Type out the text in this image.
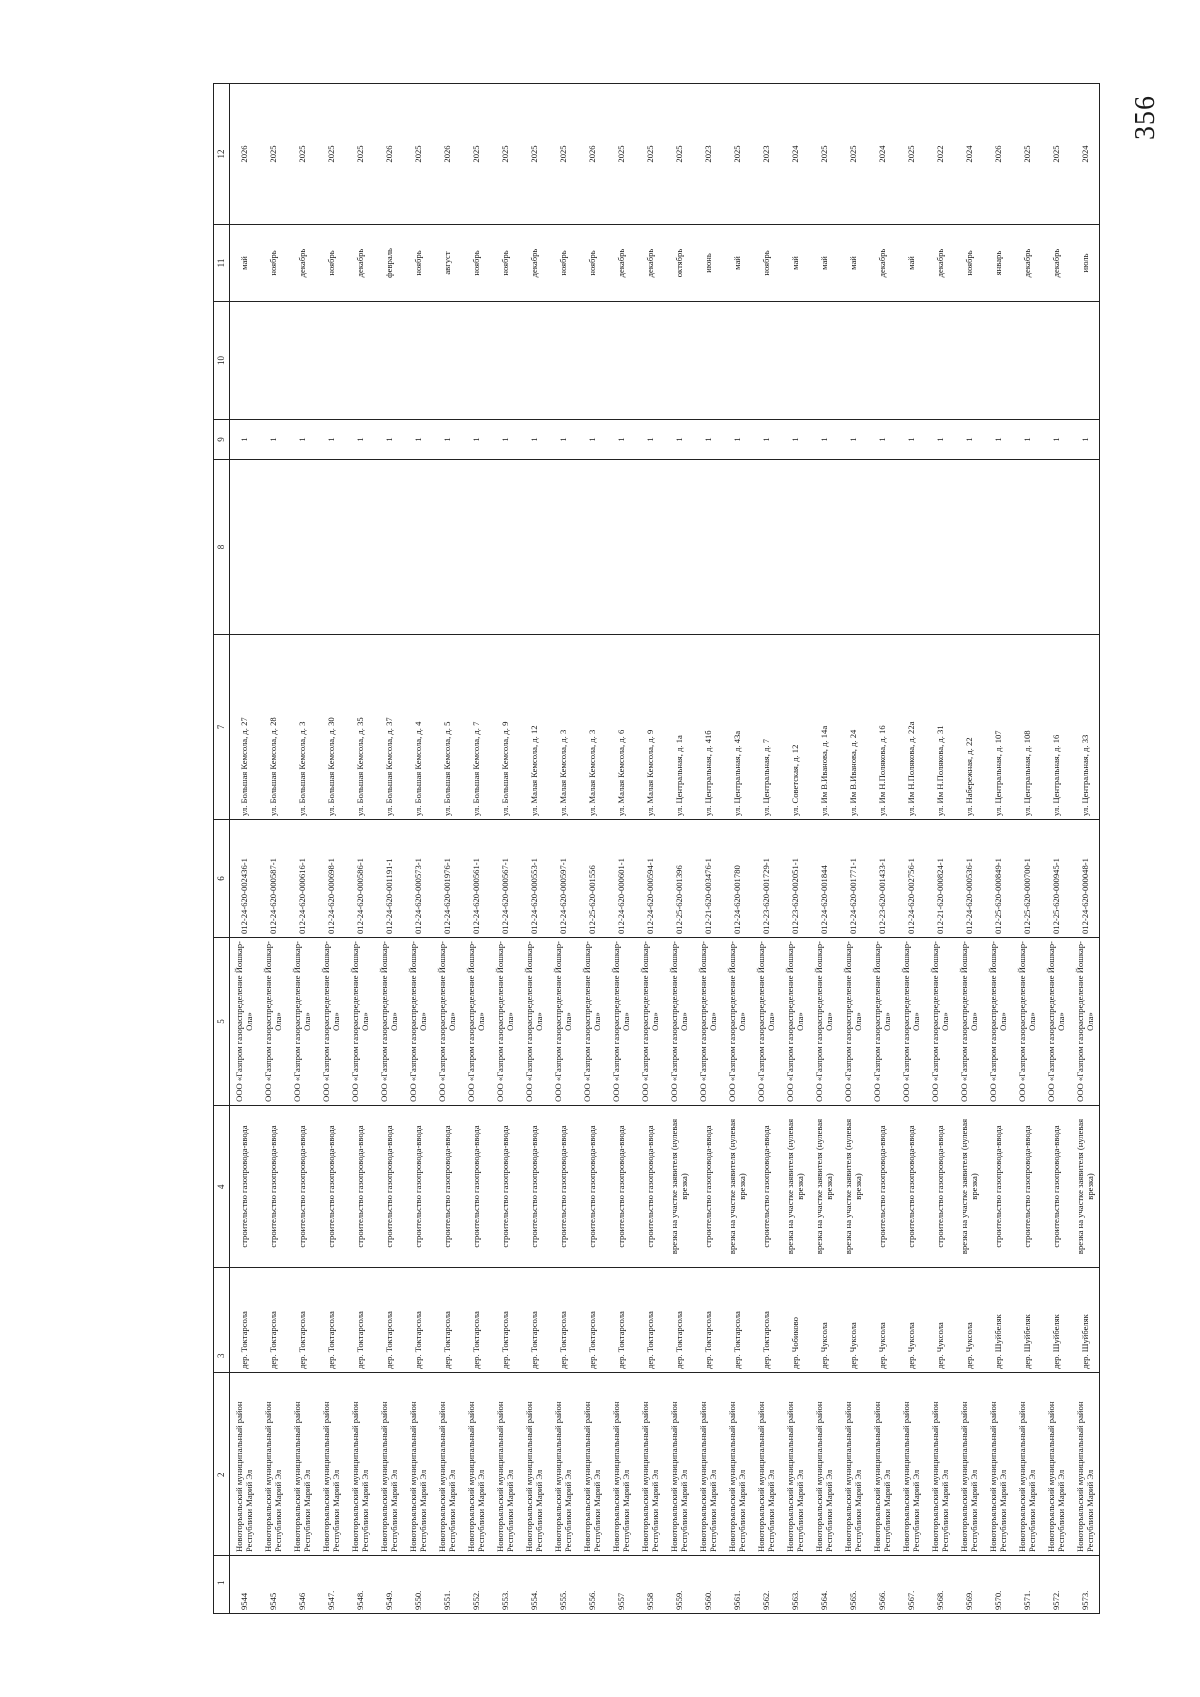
356
1	2	3	4	5	6	7	8	9	10	11	12
9544	Новоторъяльский муниципальный район Республики Марий Эл	дер. Токтарсола	строительство газопровода-ввода	ООО «Газпром газораспределение Йошкар-Ола»	012-24-620-002436-1	ул. Большая Кемсола, д. 27		1		май	2026
9545	Новоторъяльский муниципальный район Республики Марий Эл	дер. Токтарсола	строительство газопровода-ввода	ООО «Газпром газораспределение Йошкар-Ола»	012-24-620-000587-1	ул. Большая Кемсола, д. 28		1		ноябрь	2025
9546	Новоторъяльский муниципальный район Республики Марий Эл	дер. Токтарсола	строительство газопровода-ввода	ООО «Газпром газораспределение Йошкар-Ола»	012-24-620-000616-1	ул. Большая Кемсола, д. 3		1		декабрь	2025
9547.	Новоторъяльский муниципальный район Республики Марий Эл	дер. Токтарсола	строительство газопровода-ввода	ООО «Газпром газораспределение Йошкар-Ола»	012-24-620-000698-1	ул. Большая Кемсола, д. 30		1		ноябрь	2025
9548.	Новоторъяльский муниципальный район Республики Марий Эл	дер. Токтарсола	строительство газопровода-ввода	ООО «Газпром газораспределение Йошкар-Ола»	012-24-620-000586-1	ул. Большая Кемсола, д. 35		1		декабрь	2025
9549.	Новоторъяльский муниципальный район Республики Марий Эл	дер. Токтарсола	строительство газопровода-ввода	ООО «Газпром газораспределение Йошкар-Ола»	012-24-620-001191-1	ул. Большая Кемсола, д. 37		1		февраль	2026
9550.	Новоторъяльский муниципальный район Республики Марий Эл	дер. Токтарсола	строительство газопровода-ввода	ООО «Газпром газораспределение Йошкар-Ола»	012-24-620-000573-1	ул. Большая Кемсола, д. 4		1		ноябрь	2025
9551.	Новоторъяльский муниципальный район Республики Марий Эл	дер. Токтарсола	строительство газопровода-ввода	ООО «Газпром газораспределение Йошкар-Ола»	012-24-620-001976-1	ул. Большая Кемсола, д. 5		1		август	2026
9552.	Новоторъяльский муниципальный район Республики Марий Эл	дер. Токтарсола	строительство газопровода-ввода	ООО «Газпром газораспределение Йошкар-Ола»	012-24-620-000561-1	ул. Большая Кемсола, д. 7		1		ноябрь	2025
9553.	Новоторъяльский муниципальный район Республики Марий Эл	дер. Токтарсола	строительство газопровода-ввода	ООО «Газпром газораспределение Йошкар-Ола»	012-24-620-000567-1	ул. Большая Кемсола, д. 9		1		ноябрь	2025
9554.	Новоторъяльский муниципальный район Республики Марий Эл	дер. Токтарсола	строительство газопровода-ввода	ООО «Газпром газораспределение Йошкар-Ола»	012-24-620-000553-1	ул. Малая Кемсола, д. 12		1		декабрь	2025
9555.	Новоторъяльский муниципальный район Республики Марий Эл	дер. Токтарсола	строительство газопровода-ввода	ООО «Газпром газораспределение Йошкар-Ола»	012-24-620-000597-1	ул. Малая Кемсола, д. 3		1		ноябрь	2025
9556.	Новоторъяльский муниципальный район Республики Марий Эл	дер. Токтарсола	строительство газопровода-ввода	ООО «Газпром газораспределение Йошкар-Ола»	012-25-620-001556	ул. Малая Кемсола, д. 3		1		ноябрь	2026
9557	Новоторъяльский муниципальный район Республики Марий Эл	дер. Токтарсола	строительство газопровода-ввода	ООО «Газпром газораспределение Йошкар-Ола»	012-24-620-000601-1	ул. Малая Кемсола, д. 6		1		декабрь	2025
9558	Новоторъяльский муниципальный район Республики Марий Эл	дер. Токтарсола	строительство газопровода-ввода	ООО «Газпром газораспределение Йошкар-Ола»	012-24-620-000594-1	ул. Малая Кемсола, д. 9		1		декабрь	2025
9559.	Новоторъяльский муниципальный район Республики Марий Эл	дер. Токтарсола	врезка на участке заявителя (нулевая врезка)	ООО «Газпром газораспределение Йошкар-Ола»	012-25-620-001396	ул. Центральная, д. 1а		1		октябрь	2025
9560.	Новоторъяльский муниципальный район Республики Марий Эл	дер. Токтарсола	строительство газопровода-ввода	ООО «Газпром газораспределение Йошкар-Ола»	012-21-620-003476-1	ул. Центральная, д. 41б		1		июнь	2023
9561.	Новоторъяльский муниципальный район Республики Марий Эл	дер. Токтарсола	врезка на участке заявителя (нулевая врезка)	ООО «Газпром газораспределение Йошкар-Ола»	012-24-620-001780	ул. Центральная, д. 43а		1		май	2025
9562.	Новоторъяльский муниципальный район Республики Марий Эл	дер. Токтарсола	строительство газопровода-ввода	ООО «Газпром газораспределение Йошкар-Ола»	012-23-620-001729-1	ул. Центральная, д. 7		1		ноябрь	2023
9563.	Новоторъяльский муниципальный район Республики Марий Эл	дер. Чобиково	врезка на участке заявителя (нулевая врезка)	ООО «Газпром газораспределение Йошкар-Ола»	012-23-620-002051-1	ул. Советская, д. 12		1		май	2024
9564.	Новоторъяльский муниципальный район Республики Марий Эл	дер. Чуксола	врезка на участке заявителя (нулевая врезка)	ООО «Газпром газораспределение Йошкар-Ола»	012-24-620-001844	ул. Им В.Иванова, д. 14а		1		май	2025
9565.	Новоторъяльский муниципальный район Республики Марий Эл	дер. Чуксола	врезка на участке заявителя (нулевая врезка)	ООО «Газпром газораспределение Йошкар-Ола»	012-24-620-001771-1	ул. Им В.Иванова, д. 24		1		май	2025
9566.	Новоторъяльский муниципальный район Республики Марий Эл	дер. Чуксола	строительство газопровода-ввода	ООО «Газпром газораспределение Йошкар-Ола»	012-23-620-001433-1	ул. Им Н.Полякова, д. 16		1		декабрь	2024
9567.	Новоторъяльский муниципальный район Республики Марий Эл	дер. Чуксола	строительство газопровода-ввода	ООО «Газпром газораспределение Йошкар-Ола»	012-24-620-002756-1	ул. Им Н.Полякова, д. 22а		1		май	2025
9568.	Новоторъяльский муниципальный район Республики Марий Эл	дер. Чуксола	строительство газопровода-ввода	ООО «Газпром газораспределение Йошкар-Ола»	012-21-620-000824-1	ул. Им Н.Полякова, д. 31		1		декабрь	2022
9569.	Новоторъяльский муниципальный район Республики Марий Эл	дер. Чуксола	врезка на участке заявителя (нулевая врезка)	ООО «Газпром газораспределение Йошкар-Ола»	012-24-620-000536-1	ул. Набережная, д. 22		1		ноябрь	2024
9570.	Новоторъяльский муниципальный район Республики Марий Эл	дер. Шуйбеляк	строительство газопровода-ввода	ООО «Газпром газораспределение Йошкар-Ола»	012-25-620-000849-1	ул. Центральная, д. 107		1		январь	2026
9571.	Новоторъяльский муниципальный район Республики Марий Эл	дер. Шуйбеляк	строительство газопровода-ввода	ООО «Газпром газораспределение Йошкар-Ола»	012-25-620-000700-1	ул. Центральная, д. 108		1		декабрь	2025
9572.	Новоторъяльский муниципальный район Республики Марий Эл	дер. Шуйбеляк	строительство газопровода-ввода	ООО «Газпром газораспределение Йошкар-Ола»	012-25-620-000945-1	ул. Центральная, д. 16		1		декабрь	2025
9573.	Новоторъяльский муниципальный район Республики Марий Эл	дер. Шуйбеляк	врезка на участке заявителя (нулевая врезка)	ООО «Газпром газораспределение Йошкар-Ола»	012-24-620-000048-1	ул. Центральная, д. 33		1		июль	2024
